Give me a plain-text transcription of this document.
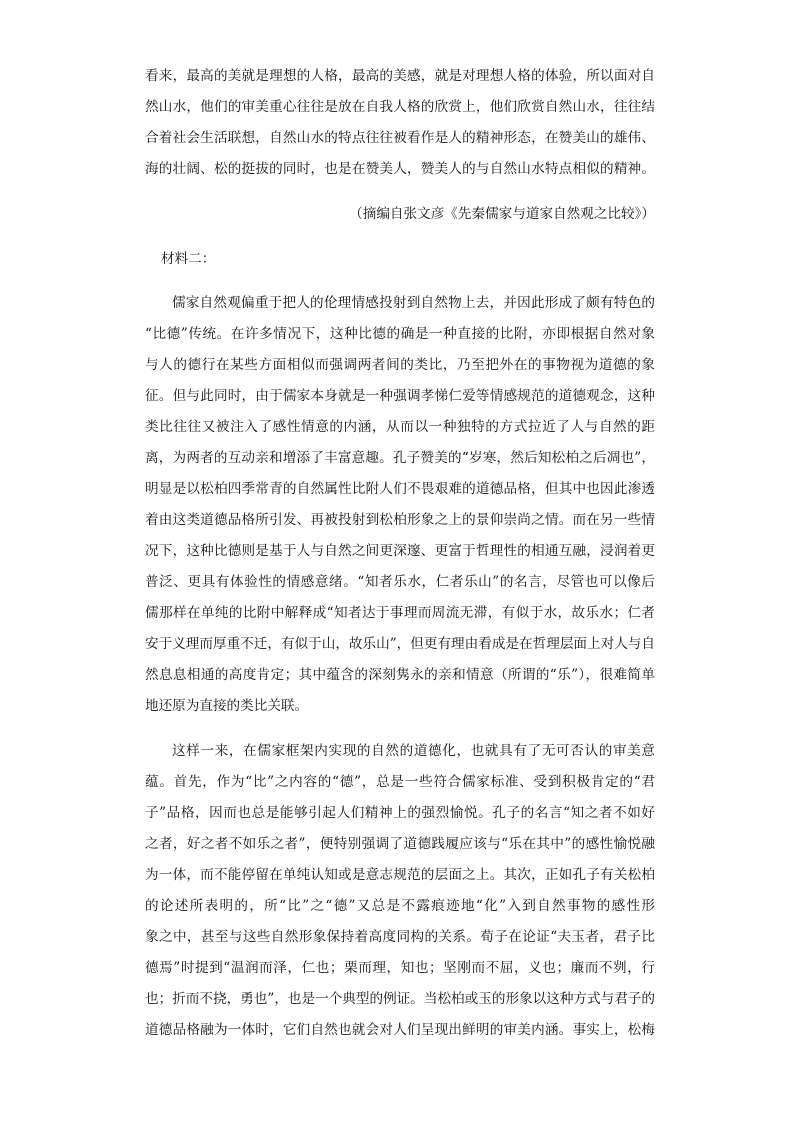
看来，最高的美就是理想的人格，最高的美感，就是对理想人格的体验，所以面对自
然山水，他们的审美重心往往是放在自我人格的欣赏上，他们欣赏自然山水，往往结
合着社会生活联想，自然山水的特点往往被看作是人的精神形态，在赞美山的雄伟、
海的壮阔、松的挺拔的同时，也是在赞美人，赞美人的与自然山水特点相似的精神。
（摘编自张文彦《先秦儒家与道家自然观之比较》）
材料二：
儒家自然观偏重于把人的伦理情感投射到自然物上去，并因此形成了颇有特色的
“比德”传统。在许多情况下，这种比德的确是一种直接的比附，亦即根据自然对象
与人的德行在某些方面相似而强调两者间的类比，乃至把外在的事物视为道德的象
征。但与此同时，由于儒家本身就是一种强调孝悌仁爱等情感规范的道德观念，这种
类比往往又被注入了感性情意的内涵，从而以一种独特的方式拉近了人与自然的距
离，为两者的互动亲和增添了丰富意趣。孔子赞美的“岁寒，然后知松柏之后凋也”，
明显是以松柏四季常青的自然属性比附人们不畏艰难的道德品格，但其中也因此渗透
着由这类道德品格所引发、再被投射到松柏形象之上的景仰崇尚之情。而在另一些情
况下，这种比德则是基于人与自然之间更深邃、更富于哲理性的相通互融，浸润着更
普泛、更具有体验性的情感意绪。“知者乐水，仁者乐山”的名言，尽管也可以像后
儒那样在单纯的比附中解释成“知者达于事理而周流无滞，有似于水，故乐水；仁者
安于义理而厚重不迁，有似于山，故乐山”，但更有理由看成是在哲理层面上对人与自
然息息相通的高度肯定；其中蕴含的深刻隽永的亲和情意（所谓的“乐”），很难简单
地还原为直接的类比关联。
这样一来，在儒家框架内实现的自然的道德化，也就具有了无可否认的审美意
蕴。首先，作为“比”之内容的“德”，总是一些符合儒家标准、受到积极肯定的“君
子”品格，因而也总是能够引起人们精神上的强烈愉悦。孔子的名言“知之者不如好
之者，好之者不如乐之者”，便特别强调了道德践履应该与“乐在其中”的感性愉悦融
为一体，而不能停留在单纯认知或是意志规范的层面之上。其次，正如孔子有关松柏
的论述所表明的，所“比”之“德”又总是不露痕迹地“化”入到自然事物的感性形
象之中，甚至与这些自然形象保持着高度同构的关系。荀子在论证“夫玉者，君子比
德焉”时提到“温润而泽，仁也；栗而理，知也；坚刚而不屈，义也；廉而不刿，行
也；折而不挠，勇也”，也是一个典型的例证。当松柏或玉的形象以这种方式与君子的
道德品格融为一体时，它们自然也就会对人们呈现出鲜明的审美内涵。事实上，松梅
